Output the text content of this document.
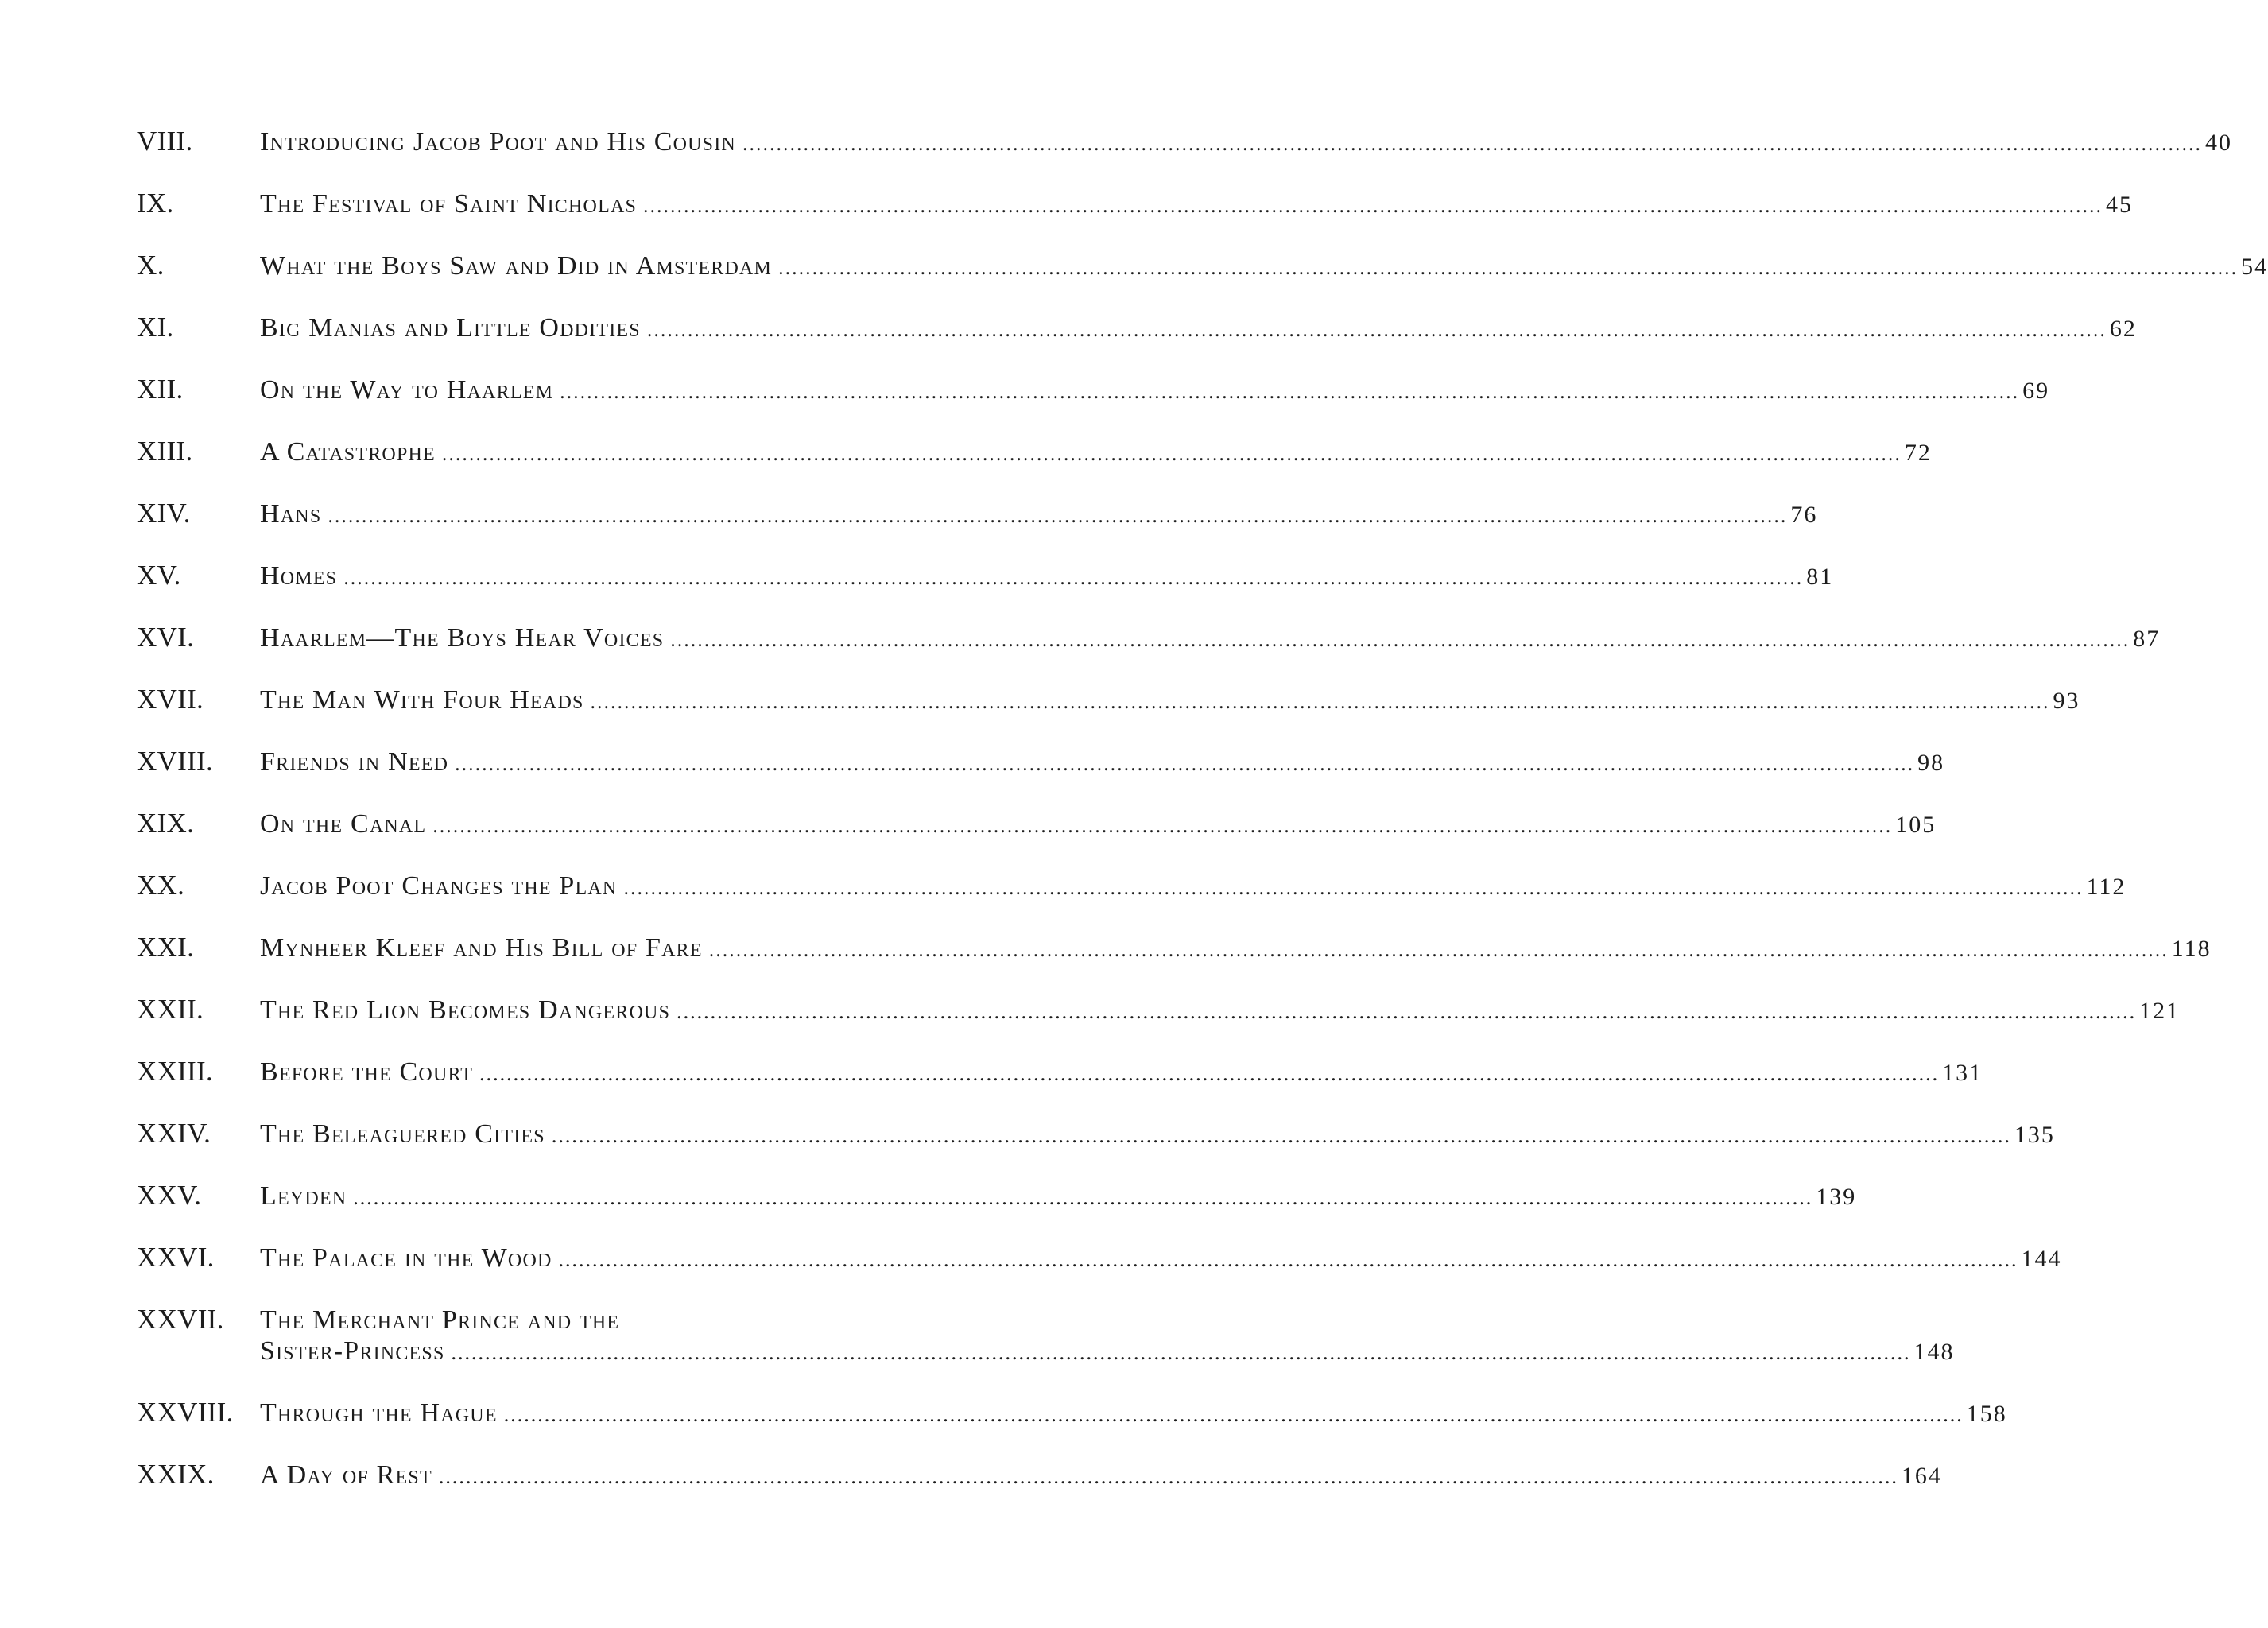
VIII.	Introducing Jacob Poot and His Cousin .....	40
IX.	The Festival of Saint Nicholas .....	45
X.	What the Boys Saw and Did in Amsterdam .....	54
XI.	Big Manias and Little Oddities .....	62
XII.	On the Way to Haarlem .....	69
XIII.	A Catastrophe .....	72
XIV.	Hans .....	76
XV.	Homes .....	81
XVI.	Haarlem—The Boys Hear Voices .....	87
XVII.	The Man With Four Heads .....	93
XVIII.	Friends in Need .....	98
XIX.	On the Canal .....	105
XX.	Jacob Poot Changes the Plan .....	112
XXI.	Mynheer Kleef and His Bill of Fare .....	118
XXII.	The Red Lion Becomes Dangerous .....	121
XXIII.	Before the Court .....	131
XXIV.	The Beleaguered Cities .....	135
XXV.	Leyden .....	139
XXVI.	The Palace in the Wood .....	144
XXVII.	The Merchant Prince and the
Sister-Princess .....	148
XXVIII. Through the Hague .....	158
XXIX.	A Day of Rest .....	164
